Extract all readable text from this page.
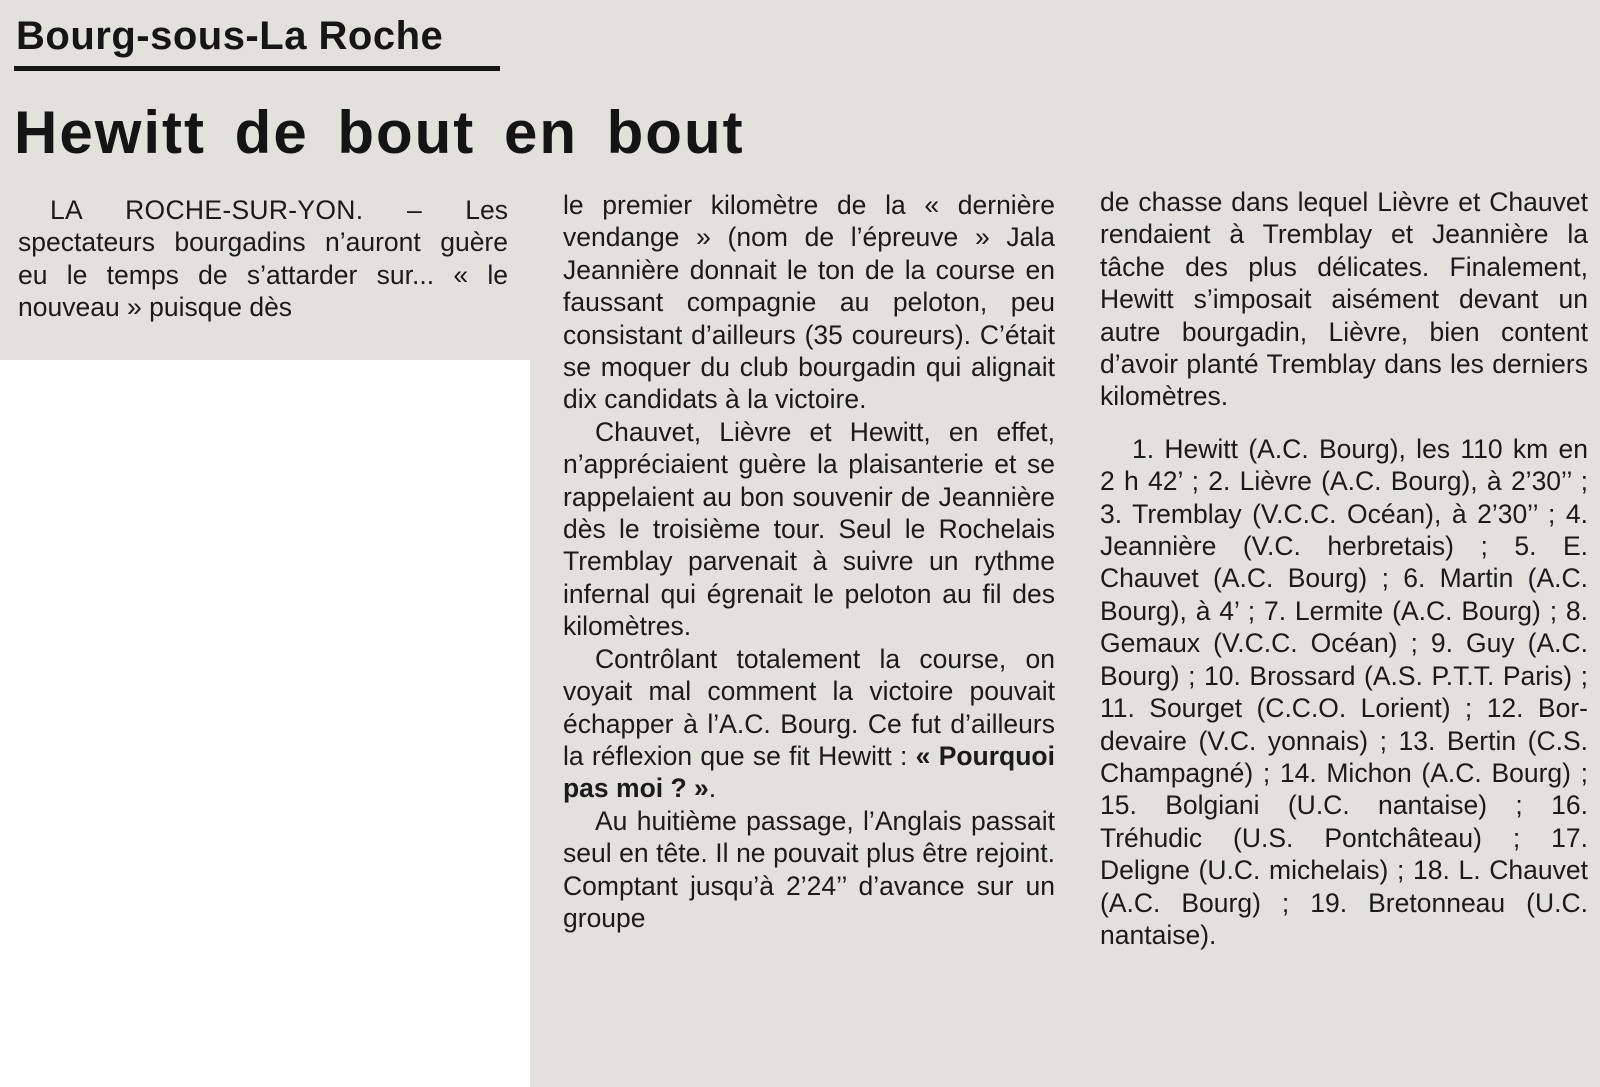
Bourg-sous-La Roche
Hewitt de bout en bout

LA ROCHE-SUR-YON. – Les spectateurs bourgadins n’auront guère eu le temps de s’attarder sur... « le nouveau » puisque dès

le premier kilomètre de la « dernière vendange » (nom de l’épreuve » Jala Jeannière donnait le ton de la course en faussant compagnie au peloton, peu consistant d’ailleurs (35 coureurs). C’était se moquer du club bourgadin qui alignait dix candidats à la victoire.

Chauvet, Lièvre et Hewitt, en effet, n’appréciaient guère la plaisanterie et se rappelaient au bon souvenir de Jeannière dès le troisième tour. Seul le Rochelais Tremblay parvenait à suivre un rythme infernal qui égrenait le peloton au fil des kilomètres.

Contrôlant totalement la course, on voyait mal comment la victoire pouvait échapper à l’A.C. Bourg. Ce fut d’ailleurs la réflexion que se fit Hewitt : « Pourquoi pas moi ? ».

Au huitième passage, l’Anglais passait seul en tête. Il ne pouvait plus être rejoint. Comptant jusqu’à 2’24’’ d’avance sur un groupe

de chasse dans lequel Lièvre et Chauvet rendaient à Tremblay et Jeannière la tâche des plus délicates. Finalement, Hewitt s’imposait aisément devant un autre bourgadin, Lièvre, bien content d’avoir planté Tremblay dans les derniers kilomètres.

1. Hewitt (A.C. Bourg), les 110 km en 2 h 42’ ; 2. Lièvre (A.C. Bourg), à 2’30’’ ; 3. Tremblay (V.C.C. Océan), à 2’30’’ ; 4. Jeannière (V.C. herbretais) ; 5. E. Chauvet (A.C. Bourg) ; 6. Martin (A.C. Bourg), à 4’ ; 7. Lermite (A.C. Bourg) ; 8. Gemaux (V.C.C. Océan) ; 9. Guy (A.C. Bourg) ; 10. Brossard (A.S. P.T.T. Paris) ; 11. Sourget (C.C.O. Lorient) ; 12. Bordevaire (V.C. yonnais) ; 13. Bertin (C.S. Champagné) ; 14. Michon (A.C. Bourg) ; 15. Bolgiani (U.C. nantaise) ; 16. Tréhudic (U.S. Pontchâteau) ; 17. Deligne (U.C. michelais) ; 18. L. Chauvet (A.C. Bourg) ; 19. Bretonneau (U.C. nantaise).
